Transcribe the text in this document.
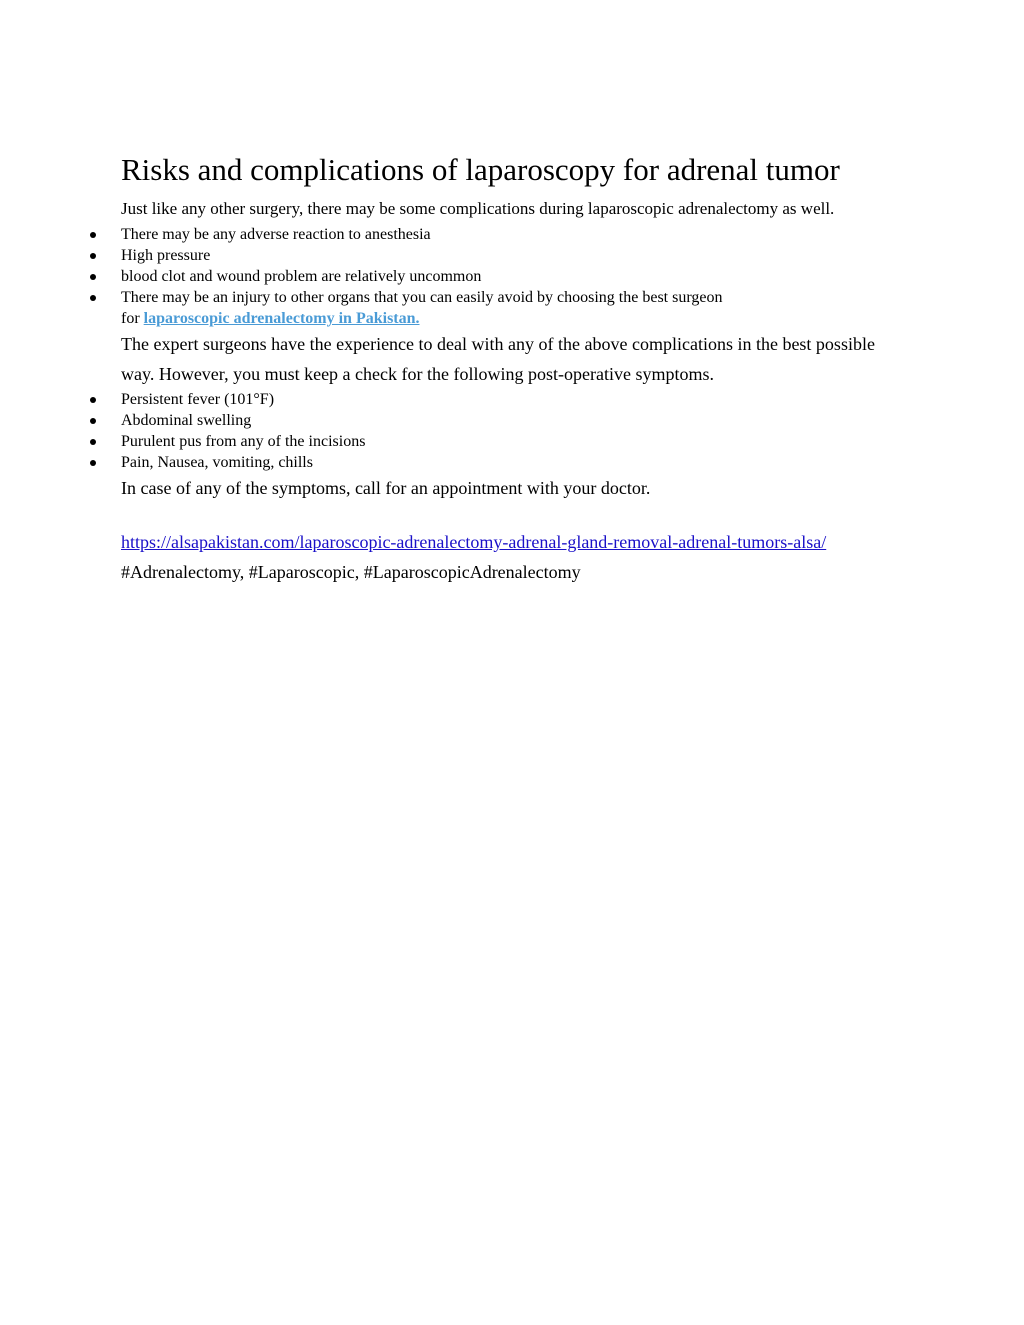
Risks and complications of laparoscopy for adrenal tumor

Just like any other surgery, there may be some complications during laparoscopic adrenalectomy as well.

There may be any adverse reaction to anesthesia
High pressure
blood clot and wound problem are relatively uncommon
There may be an injury to other organs that you can easily avoid by choosing the best surgeon
for laparoscopic adrenalectomy in Pakistan.

The expert surgeons have the experience to deal with any of the above complications in the best possible way. However, you must keep a check for the following post-operative symptoms.

Persistent fever (101°F)
Abdominal swelling
Purulent pus from any of the incisions
Pain, Nausea, vomiting, chills

In case of any of the symptoms, call for an appointment with your doctor.

https://alsapakistan.com/laparoscopic-adrenalectomy-adrenal-gland-removal-adrenal-tumors-alsa/

#Adrenalectomy, #Laparoscopic, #LaparoscopicAdrenalectomy
